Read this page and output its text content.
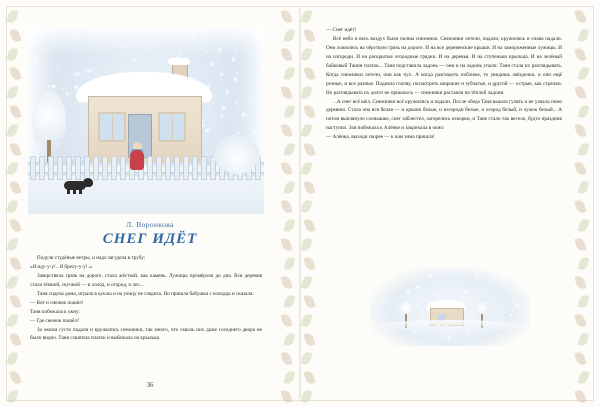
Л. Воронкова
СНЕГ ИДЁТ

Подули студёные ветры, и надо загудела в трубу:

«Я иду-у-у!.. Я брелу-у-у!..»

Зачерствела грязь на дороге, стала жёсткой, как камень. Лужицы промёрзли до дна. Вся деревня стала тёмной, скучной — и холод, и огород, и лес...

Таня сидела дома, играла в куклы и на улицу не глядела. Но пришла бабушка с колодца и сказала:

— Вот и снежок пошёл!

Таня побежала к окну:

— Где снежок пошёл?

За окном густо падали и кружились снежинки, так много, что сквозь них даже соседнего двора не было видно. Таня схватила платок и выбежала на крыльцо.

36

— Снег идёт!

Всё небо и весь воздух были полны снежинок. Снежинки летели, падали, кружились и снова падали. Они ложились на чёрствую грязь на дороге. И на все деревенские крыши. И на замороженные лужицы. И на изгороди. И на раскрытые огородные грядки. И на деревья. И на ступеньки крыльца. И на зелёный байковый Танин платок... Таня подставила ладонь — они и на ладонь упали. Таня стала их разглядывать. Когда снежинки летели, они как пух. А когда разглядеть поближе, то увидишь звёздочки, и они ещё резные, и все разные. Подняла голову, посмотреть широкие и зубчатые, и другой — острые, как стрелки. Но разглядывать их долго не пришлось — снежинки растаяли на тёплой ладони.

...А снег всё шёл. Снежинки всё кружились и падали. После обеда Таня вышла гулять и не узнала свою деревню. Стала она вся белая — и крыши белые, и изгороди белые, и огород белый, и лужок белый... А потом выплянуло солнышко, снег заблестел, загорелись искорки, и Тане стало так весело, будто праздник наступил. Зоя побежала к Алёнке и закричала в окно:

— Алёнка, выходи скорее — к нам зима пришла!
